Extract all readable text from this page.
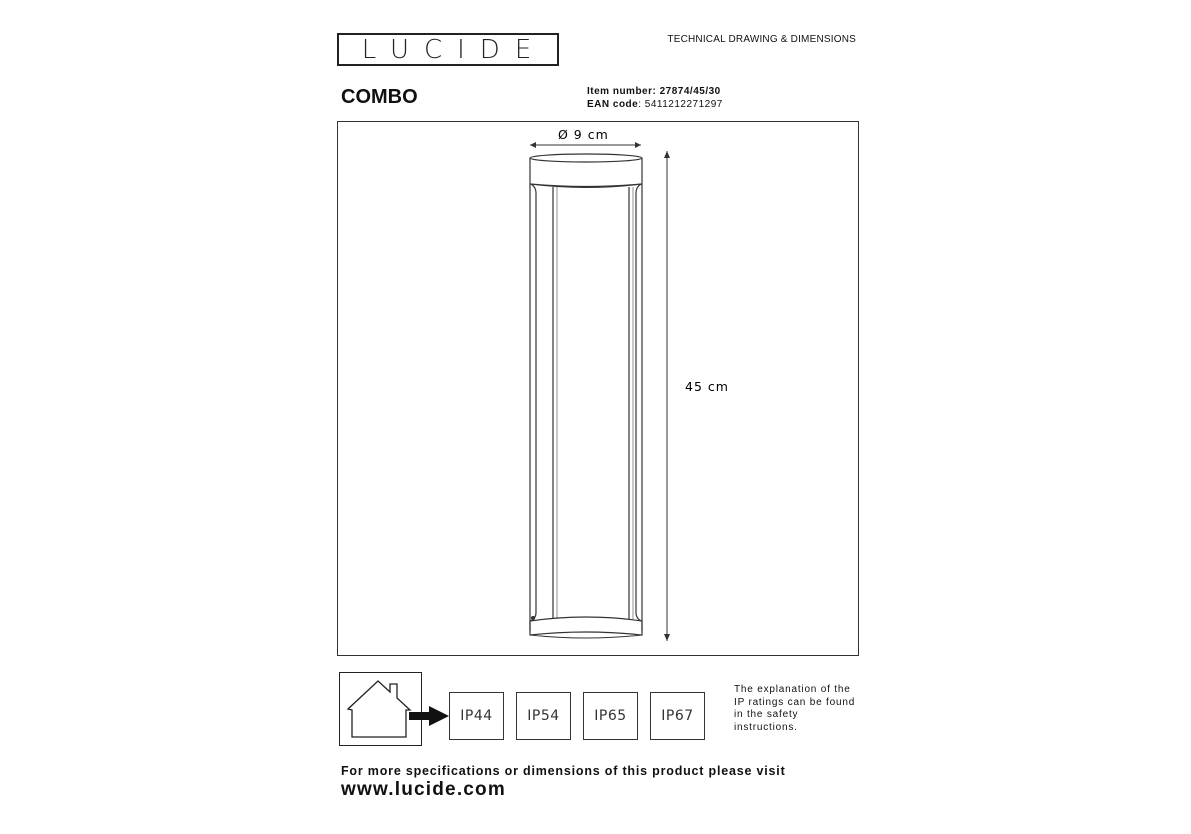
LUCIDE	TECHNICAL DRAWING & DIMENSIONS
COMBO	Item number: 27874/45/30
EAN code: 5411212271297
Ø 9 cm
45 cm
IP44	IP54	IP65	IP67
The explanation of the
IP ratings can be found
in the safety
instructions.
For more specifications or dimensions of this product please visit
www.lucide.com
